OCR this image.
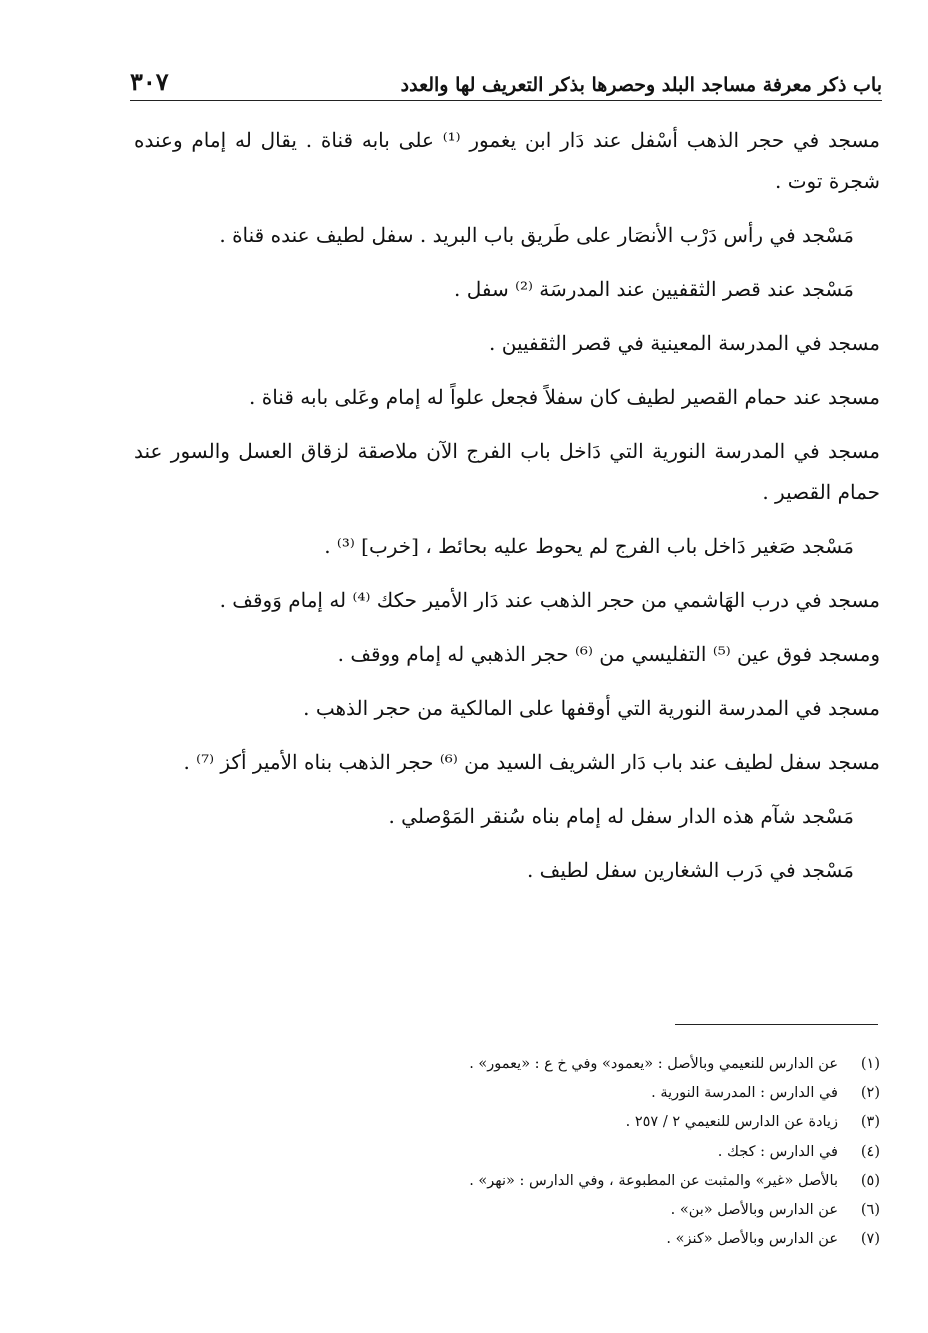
باب ذكر معرفة مساجد البلد وحصرها بذكر التعريف لها والعدد
٣٠٧

مسجد في حجر الذهب أسْفل عند دَار ابن يغمور ⁽¹⁾ على بابه قناة . يقال له إمام وعنده شجرة توت .

مَسْجد في رأس دَرْب الأنصَار على طَريق باب البريد . سفل لطيف عنده قناة .

مَسْجد عند قصر الثقفيين عند المدرسَة ⁽²⁾ سفل .

مسجد في المدرسة المعينية في قصر الثقفيين .

مسجد عند حمام القصير لطيف كان سفلاً فجعل علواً له إمام وعَلى بابه قناة .

مسجد في المدرسة النورية التي دَاخل باب الفرج الآن ملاصقة لزقاق العسل والسور عند حمام القصير .

مَسْجد صَغير دَاخل باب الفرج لم يحوط عليه بحائط ، [خرب] ⁽³⁾ .

مسجد في درب الهَاشمي من حجر الذهب عند دَار الأمير حكك ⁽⁴⁾ له إمام وَوقف .

ومسجد فوق عين ⁽⁵⁾ التفليسي من ⁽⁶⁾ حجر الذهبي له إمام ووقف .

مسجد في المدرسة النورية التي أوقفها على المالكية من حجر الذهب .

مسجد سفل لطيف عند باب دَار الشريف السيد من ⁽⁶⁾ حجر الذهب بناه الأمير أكز ⁽⁷⁾ .

مَسْجد شآم هذه الدار سفل له إمام بناه سُنقر المَوْصلي .

مَسْجد في دَرب الشغارين سفل لطيف .

(١)
عن الدارس للنعيمي وبالأصل : «يعمود» وفي خ ع : «يعمور» .
(٢)
في الدارس : المدرسة النورية .
(٣)
زيادة عن الدارس للنعيمي ٢ / ٢٥٧ .
(٤)
في الدارس : كجك .
(٥)
بالأصل «غير» والمثبت عن المطبوعة ، وفي الدارس : «نهر» .
(٦)
عن الدارس وبالأصل «بن» .
(٧)
عن الدارس وبالأصل «كنز» .
